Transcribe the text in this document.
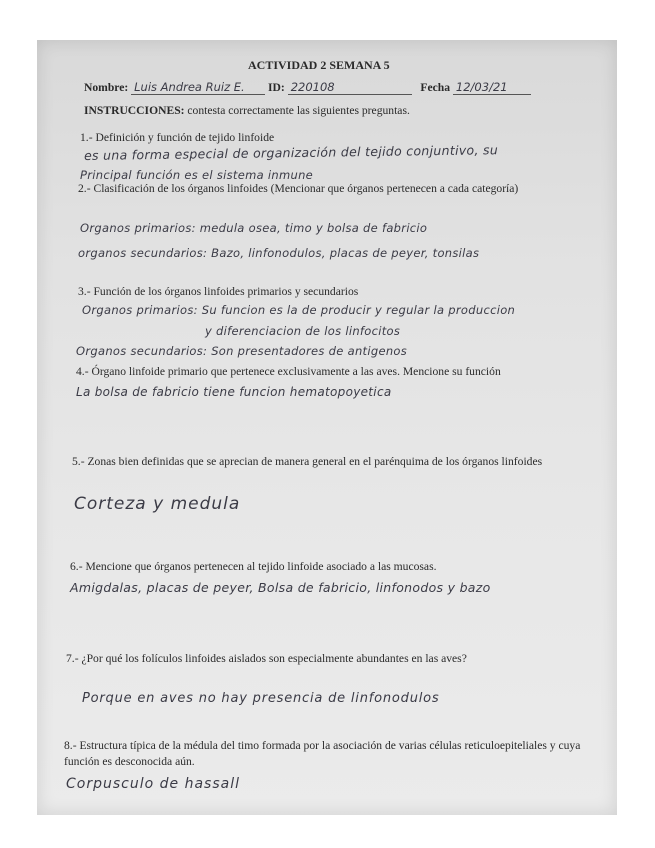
ACTIVIDAD 2 SEMANA 5
Nombre: Luis Andrea Ruiz E. ID: 220108	Fecha 12/03/21
INSTRUCCIONES: contesta correctamente las siguientes preguntas.
1.- Definición y función de tejido linfoide
es una forma especial de organización del tejido conjuntivo, su
Principal función es el sistema inmune
2.- Clasificación de los órganos linfoides (Mencionar que órganos pertenecen a cada categoría)
Organos primarios: medula osea, timo y bolsa de fabricio
organos secundarios: Bazo, linfonodulos, placas de peyer, tonsilas
3.- Función de los órganos linfoides primarios y secundarios
Organos primarios: Su funcion es la de producir y regular la produccion
y diferenciacion de los linfocitos
Organos secundarios: Son presentadores de antigenos
4.- Órgano linfoide primario que pertenece exclusivamente a las aves. Mencione su función
La bolsa de fabricio tiene funcion hematopoyetica
5.- Zonas bien definidas que se aprecian de manera general en el parénquima de los órganos linfoides
Corteza y medula
6.- Mencione que órganos pertenecen al tejido linfoide asociado a las mucosas.
Amigdalas, placas de peyer, Bolsa de fabricio, linfonodos y bazo
7.- ¿Por qué los folículos linfoides aislados son especialmente abundantes en las aves?
Porque en aves no hay presencia de linfonodulos
8.- Estructura típica de la médula del timo formada por la asociación de varias células reticuloepiteliales y cuya función es desconocida aún.
Corpusculo de hassall
